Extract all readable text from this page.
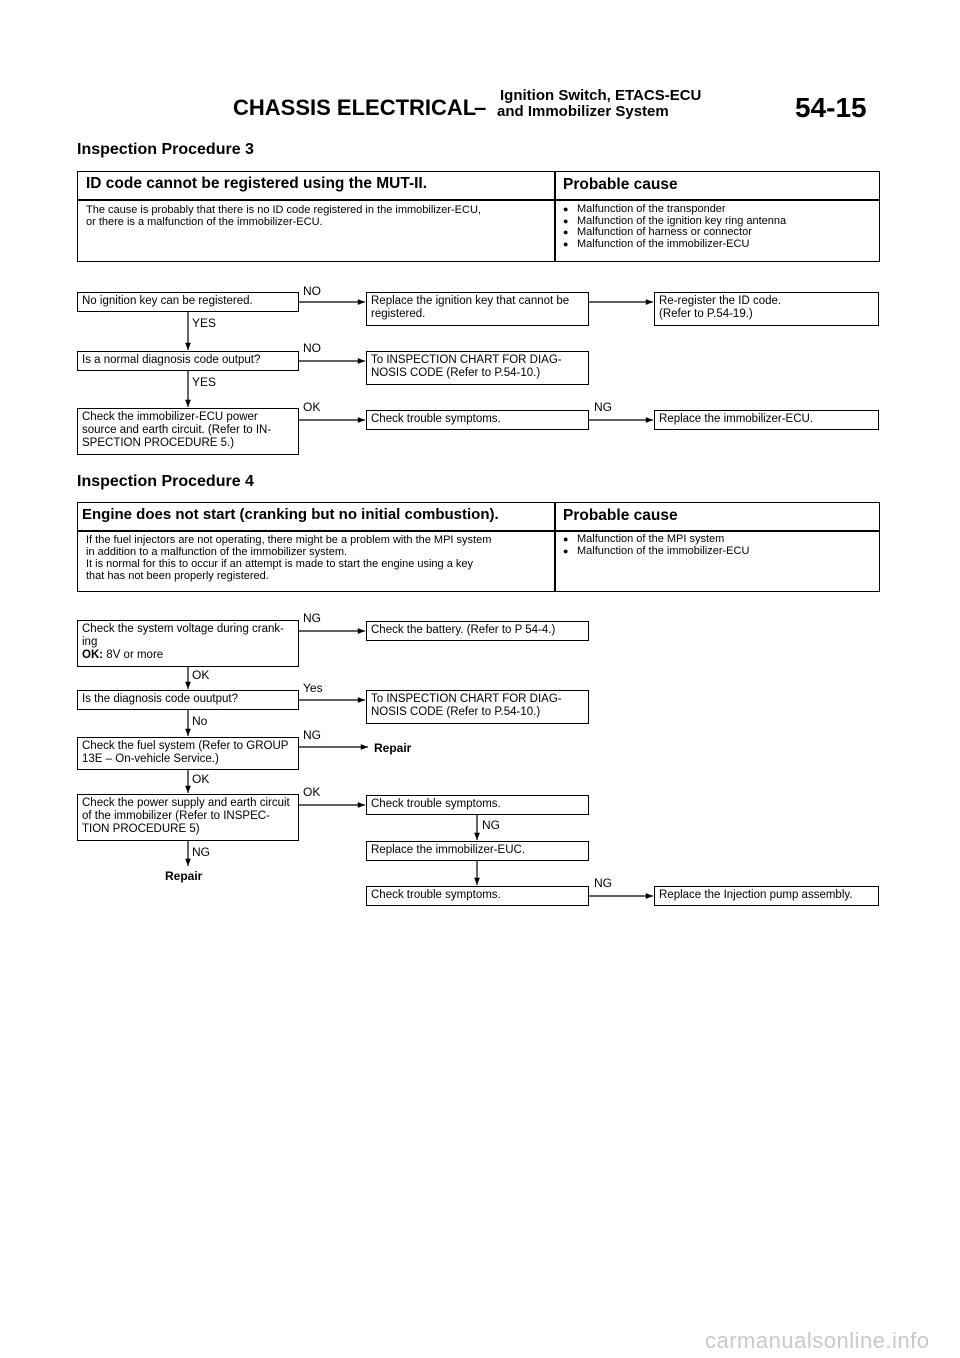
CHASSIS ELECTRICAL
– Ignition Switch, ETACS-ECU
and Immobilizer System	54-15
Inspection Procedure 3
ID code cannot be registered using the MUT-II.	Probable cause
The cause is probably that there is no ID code registered in the immobilizer-ECU,
or there is a malfunction of the immobilizer-ECU.
● Malfunction of the transponder
● Malfunction of the ignition key ring antenna
● Malfunction of harness or connector
● Malfunction of the immobilizer-ECU
No ignition key can be registered.	Replace the ignition key that cannot be
registered.
Re-register the ID code.
(Refer to P.54-19.)
Is a normal diagnosis code output?	To INSPECTION CHART FOR DIAG-
NOSIS CODE (Refer to P.54-10.)
Check the immobilizer-ECU power
source and earth circuit. (Refer to IN-
SPECTION PROCEDURE 5.)
Check trouble symptoms.	Replace the immobilizer-ECU.
NO
YES
NO
YES
OK	NG
Inspection Procedure 4
Engine does not start (cranking but no initial combustion).	Probable cause
If the fuel injectors are not operating, there might be a problem with the MPI system
in addition to a malfunction of the immobilizer system.
It is normal for this to occur if an attempt is made to start the engine using a key
that has not been properly registered.
● Malfunction of the MPI system
● Malfunction of the immobilizer-ECU
Check the system voltage during crank-
ing
OK: 8V or more
Check the battery. (Refer to P 54-4.)
Is the diagnosis code ouutput?	To INSPECTION CHART FOR DIAG-
NOSIS CODE (Refer to P.54-10.)
Check the fuel system (Refer to GROUP
13E – On-vehicle Service.)
Repair
Check the power supply and earth circuit
of the immobilizer (Refer to INSPEC-
TION PROCEDURE 5)
Check trouble symptoms.
Replace the immobilizer-EUC.
Check trouble symptoms.	Replace the Injection pump assembly.
NG
OK
Yes
No
NG
OK
OK
NG
NG
Repair	NG
carmanualsonline.info
